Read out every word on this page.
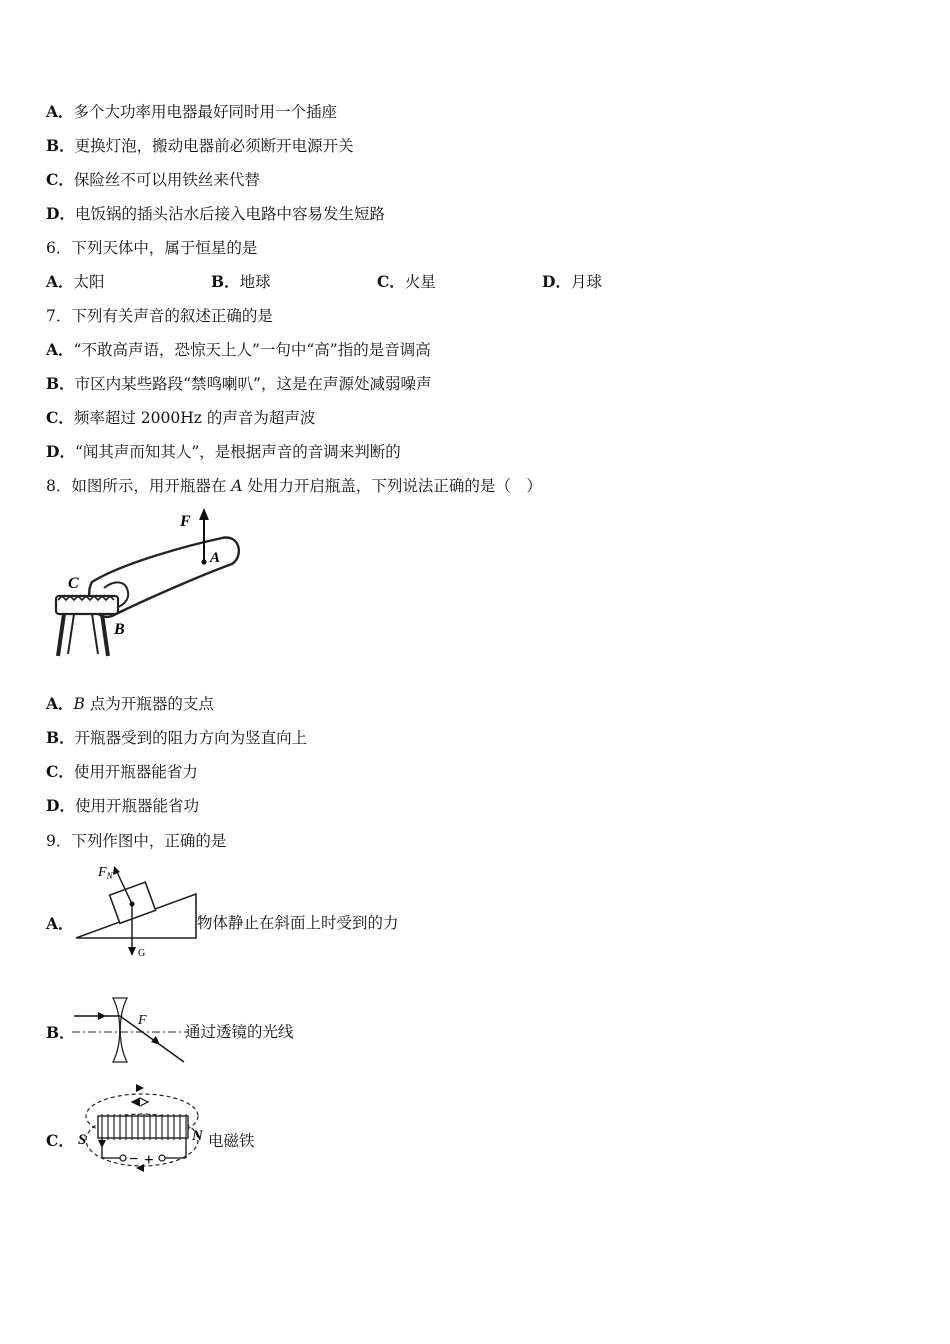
A．多个大功率用电器最好同时用一个插座
B．更换灯泡，搬动电器前必须断开电源开关
C．保险丝不可以用铁丝来代替
D．电饭锅的插头沾水后接入电路中容易发生短路
6．下列天体中，属于恒星的是
A．太阳	B．地球	C．火星	D．月球
7．下列有关声音的叙述正确的是
A．“不敢高声语，恐惊天上人”一句中“高”指的是音调高
B．市区内某些路段“禁鸣喇叭”，这是在声源处减弱噪声
C．频率超过 2000Hz 的声音为超声波
D．“闻其声而知其人”，是根据声音的音调来判断的
8．如图所示，用开瓶器在 A 处用力开启瓶盖，下列说法正确的是（　）
F
A
C
B
A．B 点为开瓶器的支点
B．开瓶器受到的阻力方向为竖直向上
C．使用开瓶器能省力
D．使用开瓶器能省功
9．下列作图中，正确的是
A．
$F_N$
G
物体静止在斜面上时受到的力
B．
F
通过透镜的光线
C．
− +
S	N 电磁铁
